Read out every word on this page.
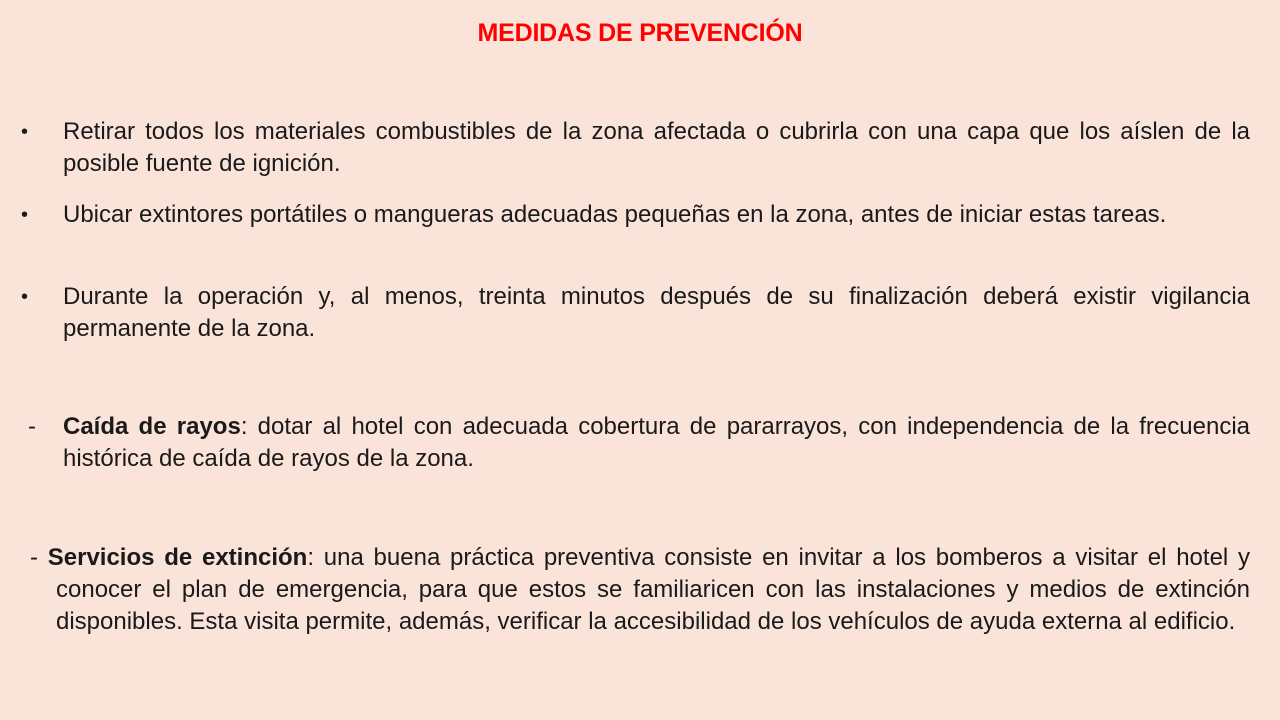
MEDIDAS DE PREVENCIÓN

• Retirar todos los materiales combustibles de la zona afectada o cubrirla con una capa que los aíslen de la posible fuente de ignición.

• Ubicar extintores portátiles o mangueras adecuadas pequeñas en la zona, antes de iniciar estas tareas.

• Durante la operación y, al menos, treinta minutos después de su finalización deberá existir vigilancia permanente de la zona.

- Caída de rayos: dotar al hotel con adecuada cobertura de pararrayos, con independencia de la frecuencia histórica de caída de rayos de la zona.

- Servicios de extinción: una buena práctica preventiva consiste en invitar a los bomberos a visitar el hotel y conocer el plan de emergencia, para que estos se familiaricen con las instalaciones y medios de extinción disponibles. Esta visita permite, además, verificar la accesibilidad de los vehículos de ayuda externa al edificio.
